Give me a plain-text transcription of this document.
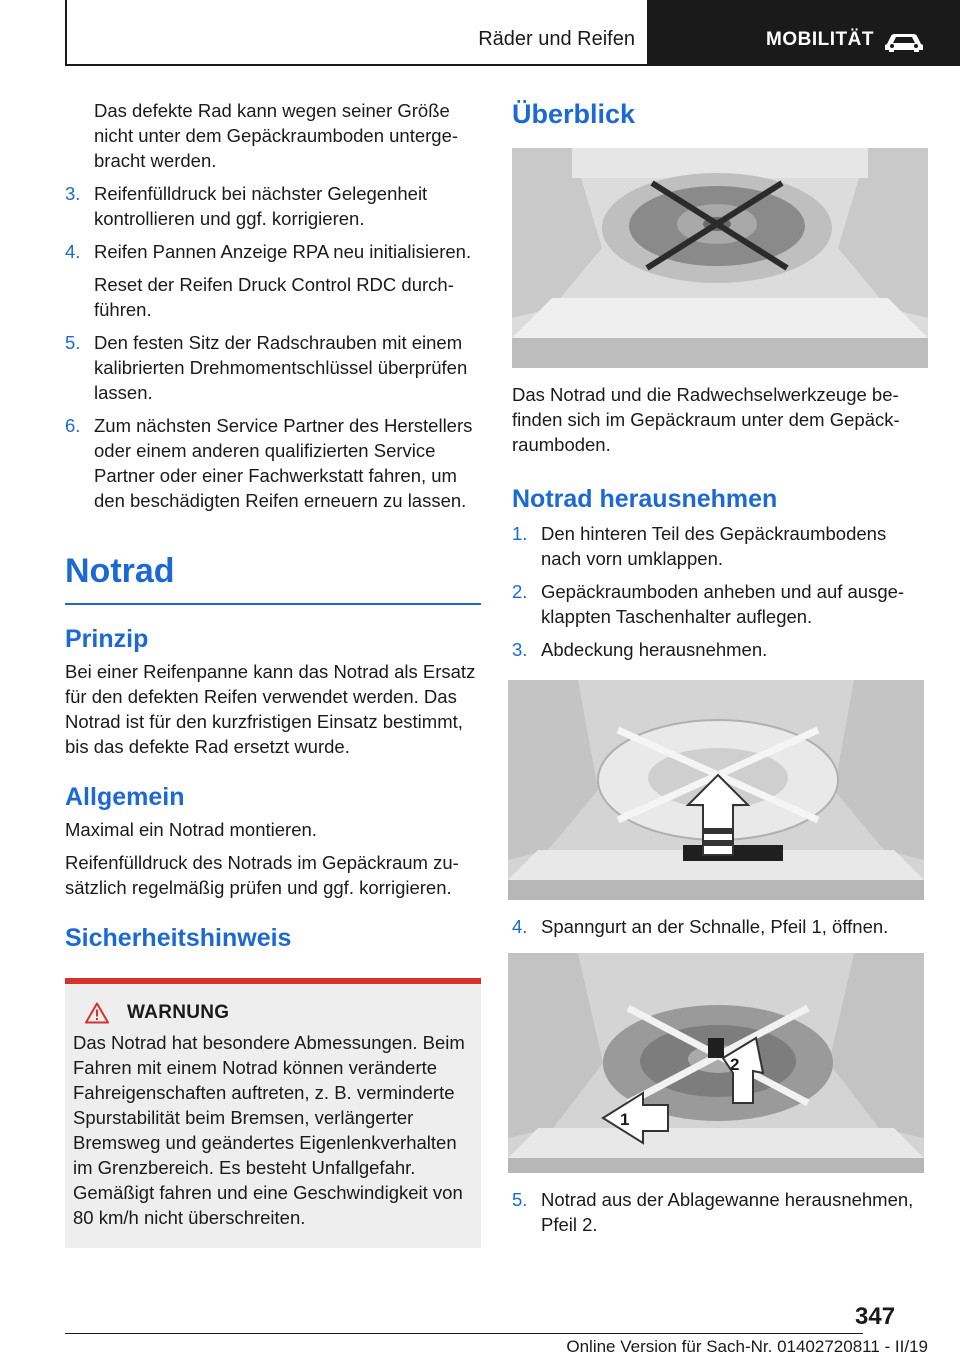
Räder und Reifen	MOBILITÄT
Das defekte Rad kann wegen seiner Größe nicht unter dem Gepäckraumboden untergebracht werden.
3. Reifenfülldruck bei nächster Gelegenheit kontrollieren und ggf. korrigieren.
4. Reifen Pannen Anzeige RPA neu initialisieren.
Reset der Reifen Druck Control RDC durchführen.
5. Den festen Sitz der Radschrauben mit einem kalibrierten Drehmomentschlüssel überprüfen lassen.
6. Zum nächsten Service Partner des Herstellers oder einem anderen qualifizierten Service Partner oder einer Fachwerkstatt fahren, um den beschädigten Reifen erneuern zu lassen.
Notrad
Prinzip
Bei einer Reifenpanne kann das Notrad als Ersatz für den defekten Reifen verwendet werden. Das Notrad ist für den kurzfristigen Einsatz bestimmt, bis das defekte Rad ersetzt wurde.
Allgemein
Maximal ein Notrad montieren.
Reifenfülldruck des Notrads im Gepäckraum zusätzlich regelmäßig prüfen und ggf. korrigieren.
Sicherheitshinweis
WARNUNG
Das Notrad hat besondere Abmessungen. Beim Fahren mit einem Notrad können veränderte Fahreigenschaften auftreten, z. B. verminderte Spurstabilität beim Bremsen, verlängerter Bremsweg und geändertes Eigenlenkverhalten im Grenzbereich. Es besteht Unfallgefahr. Gemäßigt fahren und eine Geschwindigkeit von 80 km/h nicht überschreiten.
Überblick
Das Notrad und die Radwechselwerkzeuge befinden sich im Gepäckraum unter dem Gepäckraumboden.
Notrad herausnehmen
1. Den hinteren Teil des Gepäckraumbodens nach vorn umklappen.
2. Gepäckraumboden anheben und auf ausgeklappten Taschenhalter auflegen.
3. Abdeckung herausnehmen.
4. Spanngurt an der Schnalle, Pfeil 1, öffnen.
1
2
5. Notrad aus der Ablagewanne herausnehmen, Pfeil 2.
347
Online Version für Sach-Nr. 01402720811 - II/19
